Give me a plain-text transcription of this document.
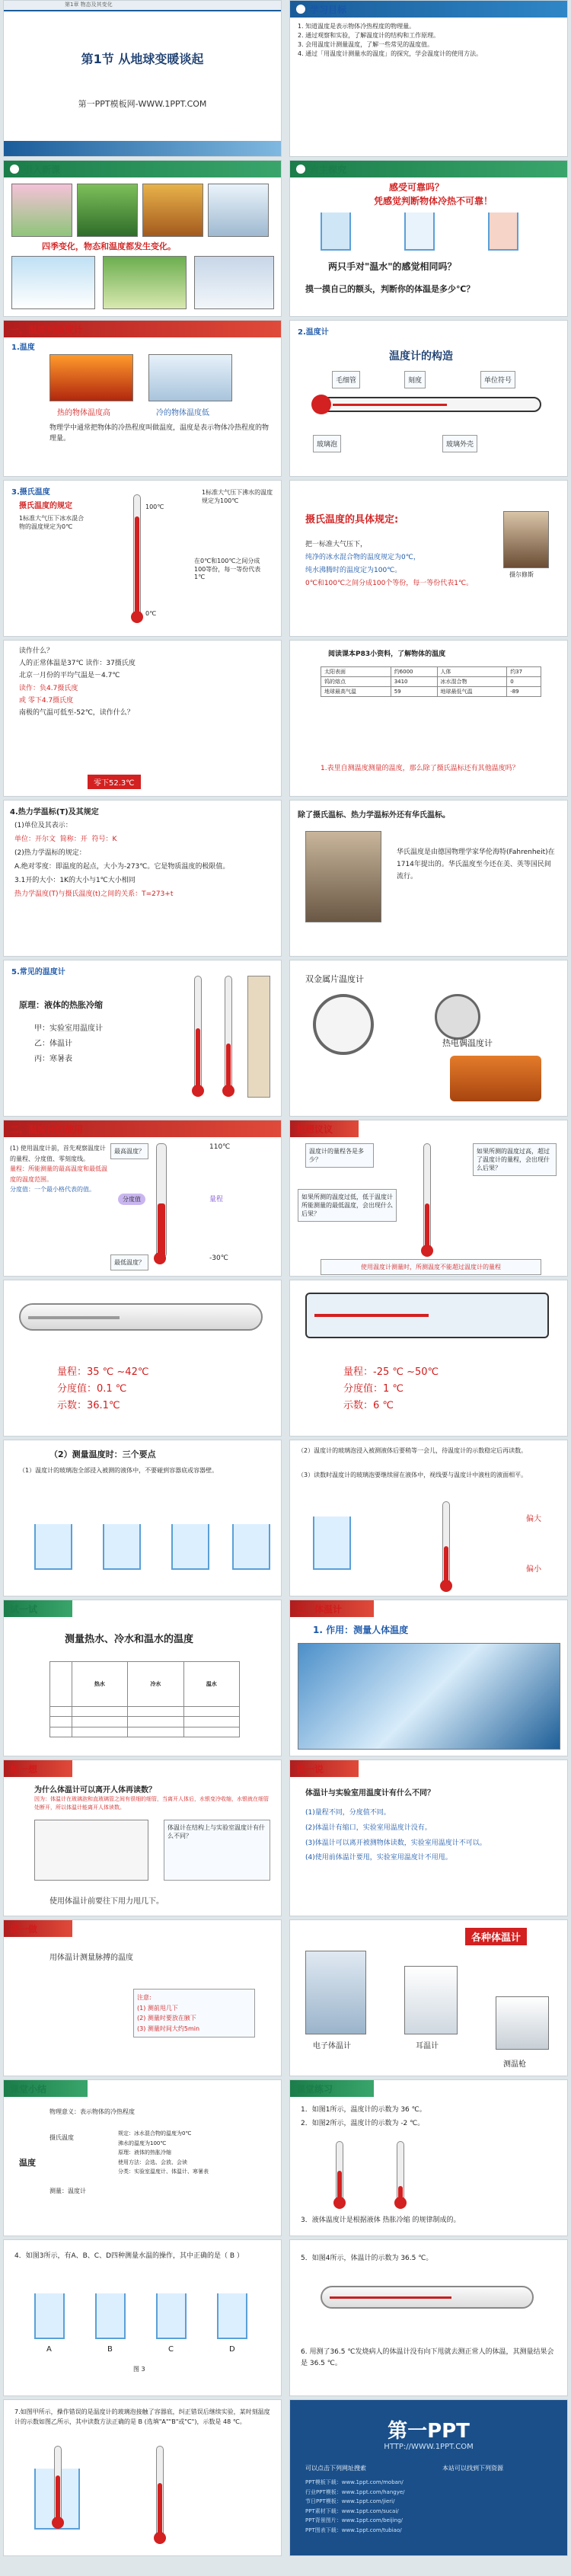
第1章 物态及其变化
第1节 从地球变暖谈起
第一PPT模板网-WWW.1PPT.COM
学习目标
1. 知道温度是表示物体冷热程度的物理量。
2. 通过观察和实验，了解温度计的结构和工作原理。
3. 会用温度计测量温度，了解一些常见的温度值。
4. 通过「用温度计测量水的温度」的探究，学会温度计的使用方法。
引入新课
四季变化，物态和温度都发生变化。
自主探究
感受可靠吗？
凭感觉判断物体冷热不可靠！
两只手对"温水"的感觉相同吗？
摸一摸自己的额头，判断你的体温是多少℃？
一、温度和温度计
1.温度
热的物体温度高	冷的物体温度低
物理学中通常把物体的冷热程度叫做温度，温度是表示物体冷热程度的物理量。
2.温度计
温度计的构造
毛细管	刻度	单位符号
玻璃泡	玻璃外壳
3.摄氏温度
摄氏温度的规定
1标准大气压下冰水混合物的温度规定为0℃
1标准大气压下沸水的温度规定为100℃
100℃
0℃
在0℃和100℃之间分成100等份，每一等份代表1℃
摄氏温度的具体规定:
把一标准大气压下，
纯净的冰水混合物的温度规定为0℃，
纯水沸腾时的温度定为100℃。
0℃和100℃之间分成100个等份，每一等份代表1℃。
摄尔修斯
读作什么？
人的正常体温是37℃ 读作：37摄氏度
北京一月份的平均气温是－4.7℃
读作：负4.7摄氏度
或 零下4.7摄氏度
南极的气温可低至-52℃，读作什么？
零下52.3℃
阅读课本P83小资料，了解物体的温度
太阳表面	约6000	人体	约37
钨的熔点	3410	冰水混合物	0
地球最高气温	59	地球最低气温	-89
1.表里自测温度测量的温度，那么除了摄氏温标还有其他温度吗？
4.热力学温标(T)及其规定
(1)单位及其表示：
单位：开尔文 简称：开 符号：K
(2)热力学温标的规定：
A.绝对零度：即温度的起点，大小为-273℃。它是物质温度的极限值。
3.1开的大小：1K的大小与1℃大小相同
热力学温度(T)与摄氏温度(t)之间的关系：T=273+t
除了摄氏温标、热力学温标外还有华氏温标。
华氏温度是由德国物理学家华伦海特(Fahrenheit)在1714年提出的。华氏温度至今还在美、英等国民间流行。
5.常见的温度计
原理：液体的热胀冷缩
甲：实验室用温度计
乙：体温计
丙：寒暑表
双金属片温度计
热电偶温度计
二、温度计的使用
(1) 使用温度计前，首先观察温度计的量程、分度值、零刻度线。
量程：所能测量的最高温度和最低温度的温度范围。
分度值：一个最小格代表的值。
最高温度？
110℃
分度值	量程
最低温度？
-30℃
想想议议
温度计的量程各是多少？
如果所测的温度过低，低于温度计所能测量的最低温度，会出现什么后果？
如果所测的温度过高，超过了温度计的量程，会出现什么后果？
使用温度计测量时，所测温度不能超过温度计的量程
量程：35 ℃ ~42℃
分度值：0.1 ℃
示数：36.1℃
量程：-25 ℃ ~50℃
分度值：1 ℃
示数：6 ℃
（2）测量温度时：三个要点
（1）温度计的玻璃泡全部浸入被测的液体中，不要碰到容器底或容器壁。
（2）温度计的玻璃泡浸入被测液体后要稍等一会儿，待温度计的示数稳定后再读数。
（3）读数时温度计的玻璃泡要继续留在液体中，视线要与温度计中液柱的液面相平。
偏大
偏小
试一试
测量热水、冷水和温水的温度
	热水	冷水	温水

三、体温计
1. 作用：测量人体温度
想一想
为什么体温计可以离开人体再读数？
因为：体温计在玻璃泡和直玻璃管之间有很细的细管，当离开人体后，水银变冷收缩，水银就在细管处断开，所以体温计能离开人体读数。
体温计在结构上与实验室温度计有什么不同？
使用体温计前要往下用力甩几下。
说一说
体温计与实验室用温度计有什么不同？
(1)量程不同，分度值不同。
(2)体温计有缩口，实验室用温度计没有。
(3)体温计可以离开被测物体读数，实验室用温度计不可以。
(4)使用前体温计要甩，实验室用温度计不用甩。
做一做
用体温计测量脉搏的温度
注意:
(1) 测前甩几下
(2) 测量时要放在腋下
(3) 测量时间大约5min
各种体温计
电子体温计	耳温计
测温枪
课堂小结
温度
物理意义：表示物体的冷热程度
摄氏温度
测量：温度计
规定：冰水混合物的温度为0℃
沸水的温度为100℃
原理：液体的热胀冷缩
使用方法：会选、会放、会读
分类：实验室温度计、体温计、寒暑表
课堂练习
1．如图1所示，温度计的示数为 36 ℃。
2．如图2所示，温度计的示数为 -2 ℃。
3．液体温度计是根据液体 热胀冷缩 的规律制成的。
4．如图3所示，有A、B、C、D四种测量水温的操作，其中正确的是（ B ）
A	B	C	D
图 3
5．如图4所示，体温计的示数为 36.5 ℃。
6. 用测了36.5 ℃发烧病人的体温计没有向下甩就去测正常人的体温，其测量结果会是 36.5 ℃。
7.如图甲所示，操作错误的是温度计的玻璃泡接触了容器底，纠正错误后继续实验，某时刻温度计的示数如图乙所示，其中读数方法正确的是 B (选填"A""B"或"C")，示数是 48 ℃。	第一PPT
HTTP://WWW.1PPT.COM
可以点击下列网址搜索	本站可以找到下列资源
PPT模板下载：www.1ppt.com/moban/
行业PPT模板：www.1ppt.com/hangye/
节日PPT模板：www.1ppt.com/jieri/
PPT素材下载：www.1ppt.com/sucai/
PPT背景图片：www.1ppt.com/beijing/
PPT图表下载：www.1ppt.com/tubiao/
